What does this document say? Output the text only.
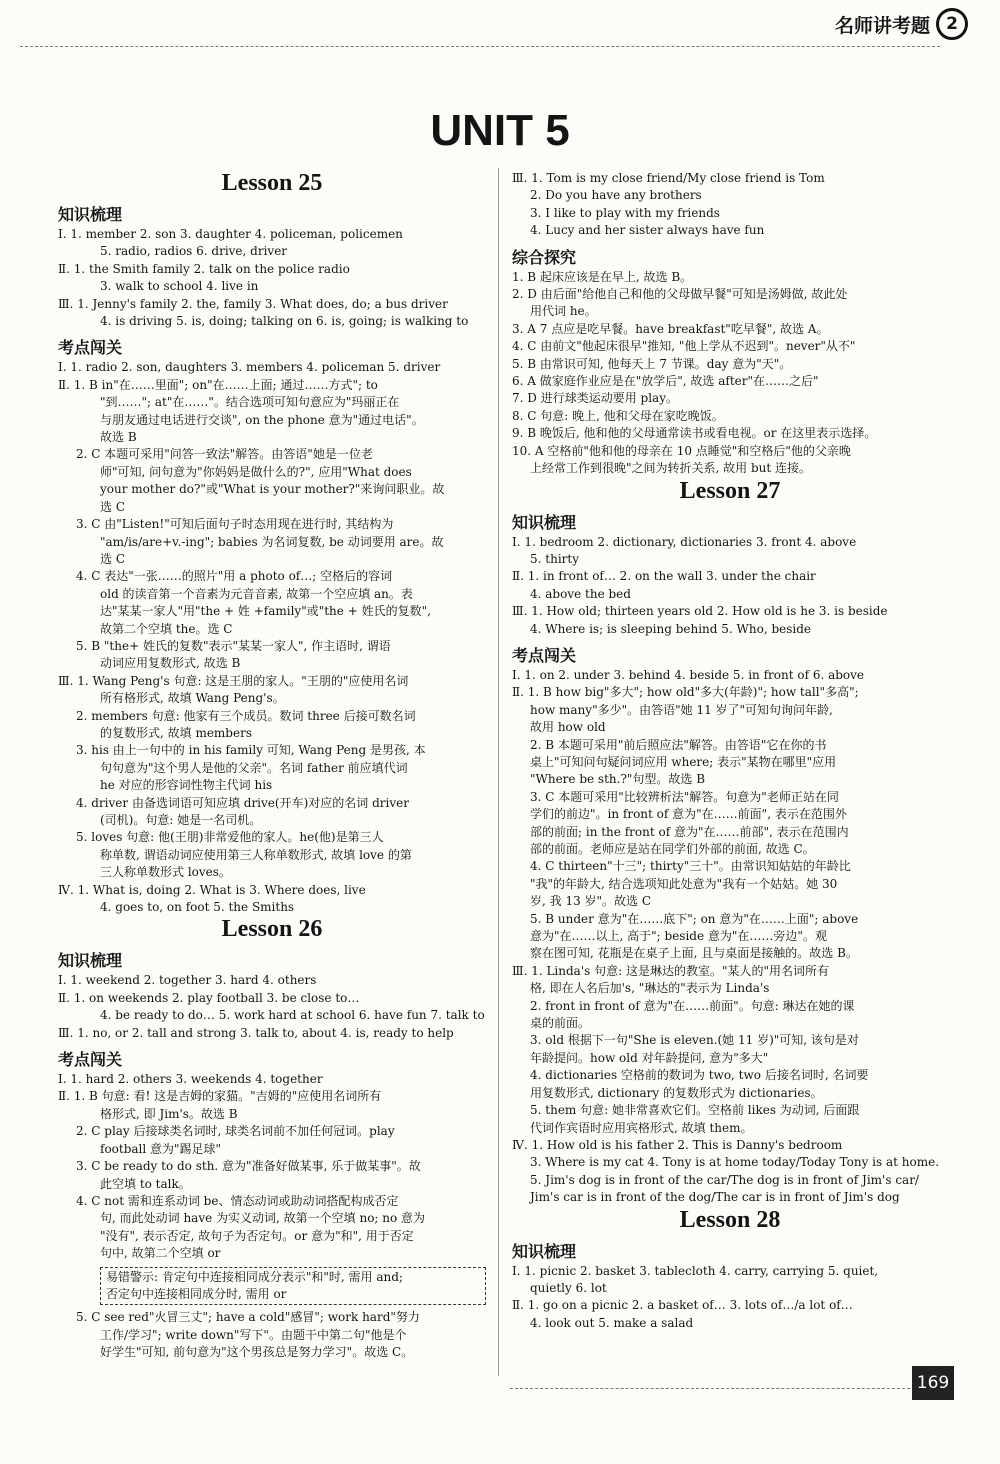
名师讲考题 2
UNIT 5
Lesson 25
知识梳理
Ⅰ. 1. member 2. son 3. daughter 4. policeman, policemen
5. radio, radios 6. drive, driver
Ⅱ. 1. the Smith family 2. talk on the police radio
3. walk to school 4. live in
Ⅲ. 1. Jenny's family 2. the, family 3. What does, do; a bus driver
4. is driving 5. is, doing; talking on 6. is, going; is walking to
考点闯关
Ⅰ. 1. radio 2. son, daughters 3. members 4. policeman 5. driver
Ⅱ. 1. B in"在……里面"; on"在……上面; 通过……方式"; to
"到……"; at"在……"。结合选项可知句意应为"玛丽正在
与朋友通过电话进行交谈", on the phone 意为"通过电话"。
故选 B
2. C 本题可采用"问答一致法"解答。由答语"她是一位老
师"可知, 问句意为"你妈妈是做什么的?", 应用"What does
your mother do?"或"What is your mother?"来询问职业。故
选 C
3. C 由"Listen!"可知后面句子时态用现在进行时, 其结构为
"am/is/are+v.-ing"; babies 为名词复数, be 动词要用 are。故
选 C
4. C 表达"一张……的照片"用 a photo of…; 空格后的容词
old 的读音第一个音素为元音音素, 故第一个空应填 an。表
达"某某一家人"用"the + 姓 +family"或"the + 姓氏的复数",
故第二个空填 the。选 C
5. B "the+ 姓氏的复数"表示"某某一家人", 作主语时, 谓语
动词应用复数形式, 故选 B
Ⅲ. 1. Wang Peng's 句意: 这是王朋的家人。"王朋的"应使用名词
所有格形式, 故填 Wang Peng's。
2. members 句意: 他家有三个成员。数词 three 后接可数名词
的复数形式, 故填 members
3. his 由上一句中的 in his family 可知, Wang Peng 是男孩, 本
句句意为"这个男人是他的父亲"。名词 father 前应填代词
he 对应的形容词性物主代词 his
4. driver 由备选词语可知应填 drive(开车)对应的名词 driver
(司机)。句意: 她是一名司机。
5. loves 句意: 他(王朋)非常爱他的家人。he(他)是第三人
称单数, 谓语动词应使用第三人称单数形式, 故填 love 的第
三人称单数形式 loves。
Ⅳ. 1. What is, doing 2. What is 3. Where does, live
4. goes to, on foot 5. the Smiths
Lesson 26
知识梳理
Ⅰ. 1. weekend 2. together 3. hard 4. others
Ⅱ. 1. on weekends 2. play football 3. be close to…
4. be ready to do… 5. work hard at school 6. have fun 7. talk to
Ⅲ. 1. no, or 2. tall and strong 3. talk to, about 4. is, ready to help
考点闯关
Ⅰ. 1. hard 2. others 3. weekends 4. together
Ⅱ. 1. B 句意: 看! 这是吉姆的家猫。"吉姆的"应使用名词所有
格形式, 即 Jim's。故选 B
2. C play 后接球类名词时, 球类名词前不加任何冠词。play
football 意为"踢足球"
3. C be ready to do sth. 意为"准备好做某事, 乐于做某事"。故
此空填 to talk。
4. C not 需和连系动词 be、情态动词或助动词搭配构成否定
句, 而此处动词 have 为实义动词, 故第一个空填 no; no 意为
"没有", 表示否定, 故句子为否定句。or 意为"和", 用于否定
句中, 故第二个空填 or
易错警示: 肯定句中连接相同成分表示"和"时, 需用 and;
否定句中连接相同成分时, 需用 or
5. C see red"火冒三丈"; have a cold"感冒"; work hard"努力
工作/学习"; write down"写下"。由题干中第二句"他是个
好学生"可知, 前句意为"这个男孩总是努力学习"。故选 C。
Ⅲ. 1. Tom is my close friend/My close friend is Tom
2. Do you have any brothers
3. I like to play with my friends
4. Lucy and her sister always have fun
综合探究
1. B 起床应该是在早上, 故选 B。
2. D 由后面"给他自己和他的父母做早餐"可知是汤姆做, 故此处
用代词 he。
3. A 7 点应是吃早餐。have breakfast"吃早餐", 故选 A。
4. C 由前文"他起床很早"推知, "他上学从不迟到"。never"从不"
5. B 由常识可知, 他每天上 7 节课。day 意为"天"。
6. A 做家庭作业应是在"放学后", 故选 after"在……之后"
7. D 进行球类运动要用 play。
8. C 句意: 晚上, 他和父母在家吃晚饭。
9. B 晚饭后, 他和他的父母通常读书或看电视。or 在这里表示选择。
10. A 空格前"他和他的母亲在 10 点睡觉"和空格后"他的父亲晚
上经常工作到很晚"之间为转折关系, 故用 but 连接。
Lesson 27
知识梳理
Ⅰ. 1. bedroom 2. dictionary, dictionaries 3. front 4. above
5. thirty
Ⅱ. 1. in front of… 2. on the wall 3. under the chair
4. above the bed
Ⅲ. 1. How old; thirteen years old 2. How old is he 3. is beside
4. Where is; is sleeping behind 5. Who, beside
考点闯关
Ⅰ. 1. on 2. under 3. behind 4. beside 5. in front of 6. above
Ⅱ. 1. B how big"多大"; how old"多大(年龄)"; how tall"多高";
how many"多少"。由答语"她 11 岁了"可知句询问年龄,
故用 how old
2. B 本题可采用"前后照应法"解答。由答语"它在你的书
桌上"可知问句疑问词应用 where; 表示"某物在哪里"应用
"Where be sth.?"句型。故选 B
3. C 本题可采用"比较辨析法"解答。句意为"老师正站在同
学们的前边"。in front of 意为"在……前面", 表示在范围外
部的前面; in the front of 意为"在……前部", 表示在范围内
部的前面。老师应是站在同学们外部的前面, 故选 C。
4. C thirteen"十三"; thirty"三十"。由常识知姑姑的年龄比
"我"的年龄大, 结合选项知此处意为"我有一个姑姑。她 30
岁, 我 13 岁"。故选 C
5. B under 意为"在……底下"; on 意为"在……上面"; above
意为"在……以上, 高于"; beside 意为"在……旁边"。观
察在图可知, 花瓶是在桌子上面, 且与桌面是接触的。故选 B。
Ⅲ. 1. Linda's 句意: 这是琳达的教室。"某人的"用名词所有
格, 即在人名后加's, "琳达的"表示为 Linda's
2. front in front of 意为"在……前面"。句意: 琳达在她的课
桌的前面。
3. old 根据下一句"She is eleven.(她 11 岁)"可知, 该句是对
年龄提问。how old 对年龄提问, 意为"多大"
4. dictionaries 空格前的数词为 two, two 后接名词时, 名词要
用复数形式, dictionary 的复数形式为 dictionaries。
5. them 句意: 她非常喜欢它们。空格前 likes 为动词, 后面跟
代词作宾语时应用宾格形式, 故填 them。
Ⅳ. 1. How old is his father 2. This is Danny's bedroom
3. Where is my cat 4. Tony is at home today/Today Tony is at home.
5. Jim's dog is in front of the car/The dog is in front of Jim's car/
Jim's car is in front of the dog/The car is in front of Jim's dog
Lesson 28
知识梳理
Ⅰ. 1. picnic 2. basket 3. tablecloth 4. carry, carrying 5. quiet,
quietly 6. lot
Ⅱ. 1. go on a picnic 2. a basket of… 3. lots of…/a lot of…
4. look out 5. make a salad
169
